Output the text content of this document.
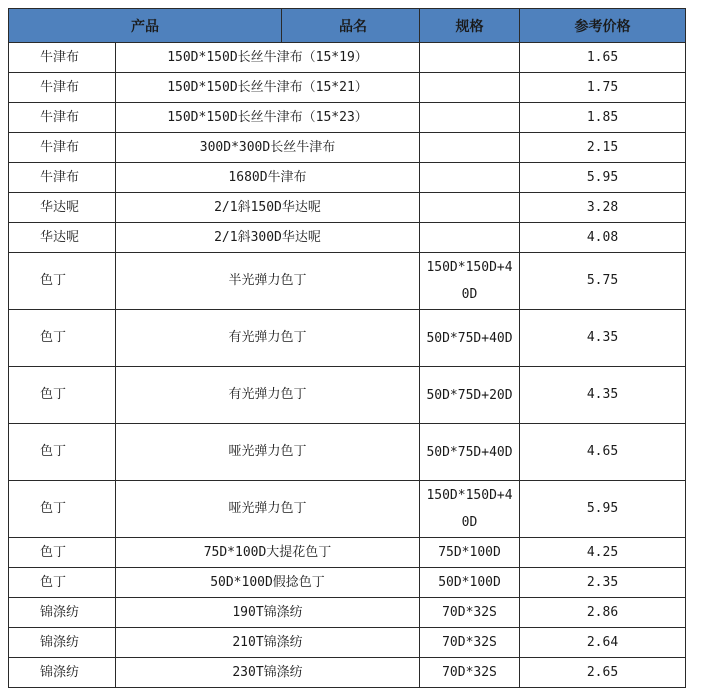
产品		品名	规格	参考价格
牛津布	150D*150D长丝牛津布（15*19）			1.65
牛津布	150D*150D长丝牛津布（15*21）			1.75
牛津布	150D*150D长丝牛津布（15*23）			1.85
牛津布	300D*300D长丝牛津布			2.15
牛津布	1680D牛津布			5.95
华达呢	2/1斜150D华达呢			3.28
华达呢	2/1斜300D华达呢			4.08
色丁	半光弹力色丁		150D*150D+40D	5.75
色丁	有光弹力色丁		50D*75D+40D	4.35
色丁	有光弹力色丁		50D*75D+20D	4.35
色丁	哑光弹力色丁		50D*75D+40D	4.65
色丁	哑光弹力色丁		150D*150D+40D	5.95
色丁	75D*100D大提花色丁		75D*100D	4.25
色丁	50D*100D假捻色丁		50D*100D	2.35
锦涤纺	190T锦涤纺		70D*32S	2.86
锦涤纺	210T锦涤纺		70D*32S	2.64
锦涤纺	230T锦涤纺		70D*32S	2.65
